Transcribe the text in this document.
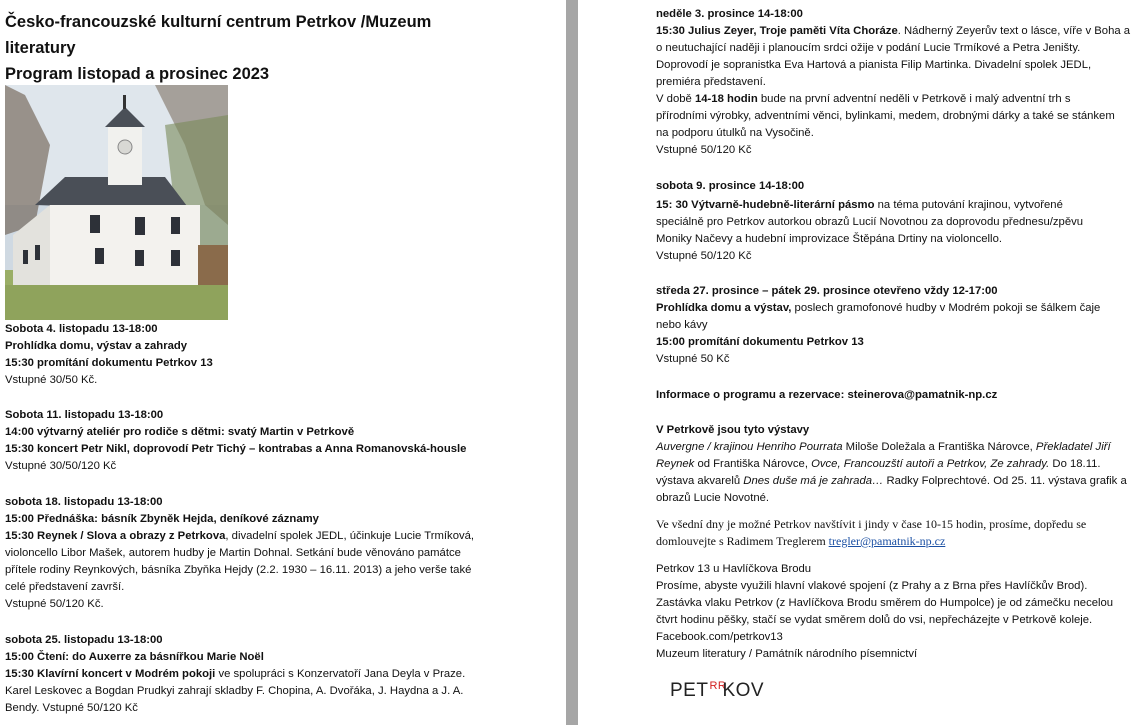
Česko-francouzské kulturní centrum Petrkov /Muzeum
literatury
Program listopad a prosinec 2023
Sobota 4. listopadu 13-18:00
Prohlídka domu, výstav a zahrady
15:30 promítání dokumentu Petrkov 13
Vstupné 30/50 Kč.
Sobota 11. listopadu 13-18:00
14:00 výtvarný ateliér pro rodiče s dětmi: svatý Martin v Petrkově
15:30 koncert Petr Nikl, doprovodí Petr Tichý – kontrabas a Anna Romanovská-housle
Vstupné 30/50/120 Kč
sobota 18. listopadu 13-18:00
15:00 Přednáška: básník Zbyněk Hejda, deníkové záznamy
15:30 Reynek / Slova a obrazy z Petrkova, divadelní spolek JEDL, účinkuje Lucie Trmíková,
violoncello Libor Mašek, autorem hudby je Martin Dohnal. Setkání bude věnováno památce
přítele rodiny Reynkových, básníka Zbyňka Hejdy (2.2. 1930 – 16.11. 2013) a jeho verše také
celé představení završí.
Vstupné 50/120 Kč.
sobota 25. listopadu 13-18:00
15:00 Čtení: do Auxerre za básnířkou Marie Noël
15:30 Klavírní koncert v Modrém pokoji ve spolupráci s Konzervatoří Jana Deyla v Praze.
Karel Leskovec a Bogdan Prudkyi zahrají skladby F. Chopina, A. Dvořáka, J. Haydna a J. A.
Bendy. Vstupné 50/120 Kč
neděle 3. prosince 14-18:00
15:30 Julius Zeyer, Troje paměti Víta Choráze. Nádherný Zeyerův text o lásce, víře v Boha a
o neutuchající naději i planoucím srdci ožije v podání Lucie Trmíkové a Petra Jeništy.
Doprovodí je sopranistka Eva Hartová a pianista Filip Martinka. Divadelní spolek JEDL,
premiéra představení.
V době 14-18 hodin bude na první adventní neděli v Petrkově i malý adventní trh s
přírodními výrobky, adventními věnci, bylinkami, medem, drobnými dárky a také se stánkem
na podporu útulků na Vysočině.
Vstupné 50/120 Kč
sobota 9. prosince 14-18:00
15: 30 Výtvarně-hudebně-literární pásmo na téma putování krajinou, vytvořené
speciálně pro Petrkov autorkou obrazů Lucií Novotnou za doprovodu přednesu/zpěvu
Moniky Načevy a hudební improvizace Štěpána Drtiny na violoncello.
Vstupné 50/120 Kč
středa 27. prosince – pátek 29. prosince otevřeno vždy 12-17:00
Prohlídka domu a výstav, poslech gramofonové hudby v Modrém pokoji se šálkem čaje
nebo kávy
15:00 promítání dokumentu Petrkov 13
Vstupné 50 Kč
Informace o programu a rezervace: steinerova@pamatnik-np.cz
V Petrkově jsou tyto výstavy
Auvergne / krajinou Henriho Pourrata Miloše Doležala a Františka Nárovce, Překladatel Jiří
Reynek od Františka Nárovce, Ovce, Francouzští autoři a Petrkov, Ze zahrady. Do 18.11.
výstava akvarelů Dnes duše má je zahrada… Radky Folprechtové. Od 25. 11. výstava grafik a
obrazů Lucie Novotné.
Ve všední dny je možné Petrkov navštívit i jindy v čase 10-15 hodin, prosíme, dopředu se
domlouvejte s Radimem Treglerem tregler@pamatnik-np.cz
Petrkov 13 u Havlíčkova Brodu
Prosíme, abyste využili hlavní vlakové spojení (z Prahy a z Brna přes Havlíčkův Brod).
Zastávka vlaku Petrkov (z Havlíčkova Brodu směrem do Humpolce) je od zámečku necelou
čtvrt hodinu pěšky, stačí se vydat směrem dolů do vsi, nepřecházejte v Petrkově koleje.
Facebook.com/petrkov13
Muzeum literatury / Památník národního písemnictví
PETRRKOV
